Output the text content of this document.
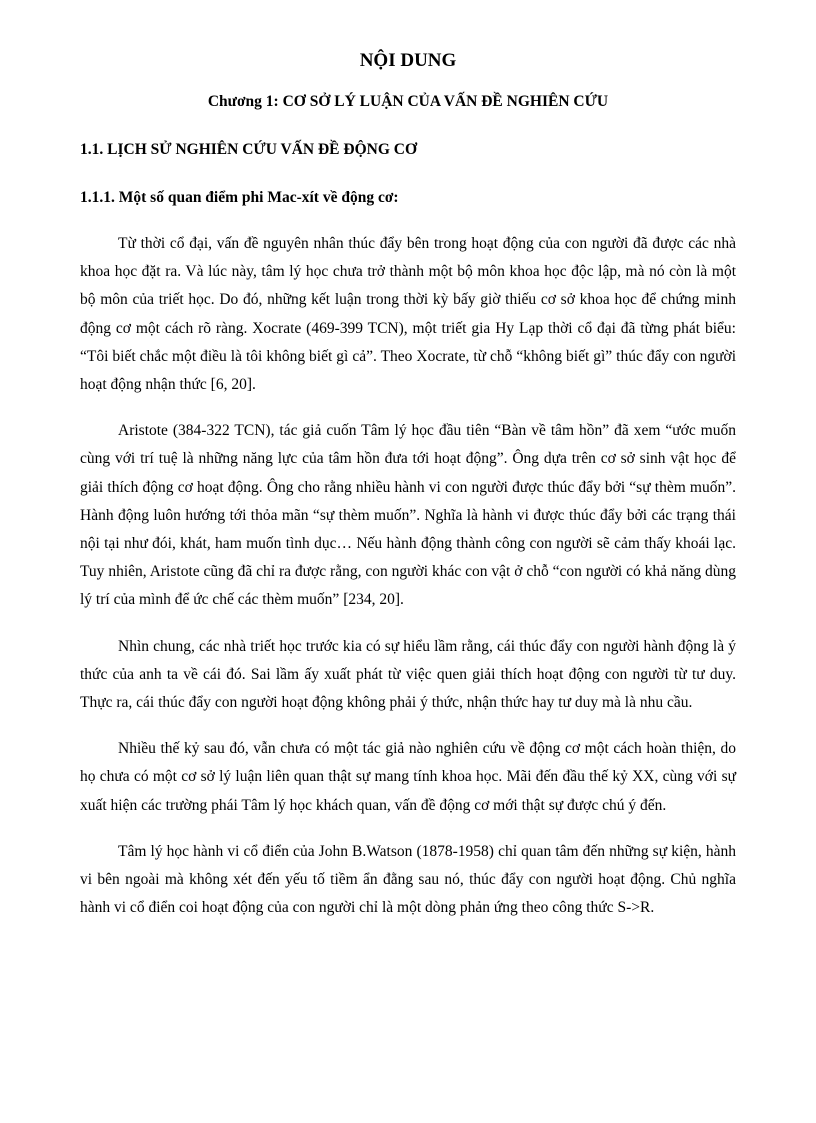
NỘI DUNG
Chương 1: CƠ SỞ LÝ LUẬN CỦA VẤN ĐỀ NGHIÊN CỨU
1.1. LỊCH SỬ NGHIÊN CỨU VẤN ĐỀ ĐỘNG CƠ
1.1.1. Một số quan điểm phi Mac-xít về động cơ:

Từ thời cổ đại, vấn đề nguyên nhân thúc đẩy bên trong hoạt động của con người đã được các nhà khoa học đặt ra. Và lúc này, tâm lý học chưa trở thành một bộ môn khoa học độc lập, mà nó còn là một bộ môn của triết học. Do đó, những kết luận trong thời kỳ bấy giờ thiếu cơ sở khoa học để chứng minh động cơ một cách rõ ràng. Xocrate (469-399 TCN), một triết gia Hy Lạp thời cổ đại đã từng phát biểu: “Tôi biết chắc một điều là tôi không biết gì cả”. Theo Xocrate, từ chỗ “không biết gì” thúc đẩy con người hoạt động nhận thức [6, 20].

Aristote (384-322 TCN), tác giả cuốn Tâm lý học đầu tiên “Bàn về tâm hồn” đã xem “ước muốn cùng với trí tuệ là những năng lực của tâm hồn đưa tới hoạt động”. Ông dựa trên cơ sở sinh vật học để giải thích động cơ hoạt động. Ông cho rằng nhiều hành vi con người được thúc đẩy bởi “sự thèm muốn”. Hành động luôn hướng tới thỏa mãn “sự thèm muốn”. Nghĩa là hành vi được thúc đẩy bởi các trạng thái nội tại như đói, khát, ham muốn tình dục… Nếu hành động thành công con người sẽ cảm thấy khoái lạc. Tuy nhiên, Aristote cũng đã chỉ ra được rằng, con người khác con vật ở chỗ “con người có khả năng dùng lý trí của mình để ức chế các thèm muốn” [234, 20].

Nhìn chung, các nhà triết học trước kia có sự hiểu lầm rằng, cái thúc đẩy con người hành động là ý thức của anh ta về cái đó. Sai lầm ấy xuất phát từ việc quen giải thích hoạt động con người từ tư duy. Thực ra, cái thúc đẩy con người hoạt động không phải ý thức, nhận thức hay tư duy mà là nhu cầu.

Nhiều thế kỷ sau đó, vẫn chưa có một tác giả nào nghiên cứu về động cơ một cách hoàn thiện, do họ chưa có một cơ sở lý luận liên quan thật sự mang tính khoa học. Mãi đến đầu thế kỷ XX, cùng với sự xuất hiện các trường phái Tâm lý học khách quan, vấn đề động cơ mới thật sự được chú ý đến.

Tâm lý học hành vi cổ điển của John B.Watson (1878-1958) chỉ quan tâm đến những sự kiện, hành vi bên ngoài mà không xét đến yếu tố tiềm ẩn đằng sau nó, thúc đẩy con người hoạt động. Chủ nghĩa hành vi cổ điển coi hoạt động của con người chỉ là một dòng phản ứng theo công thức S->R.
